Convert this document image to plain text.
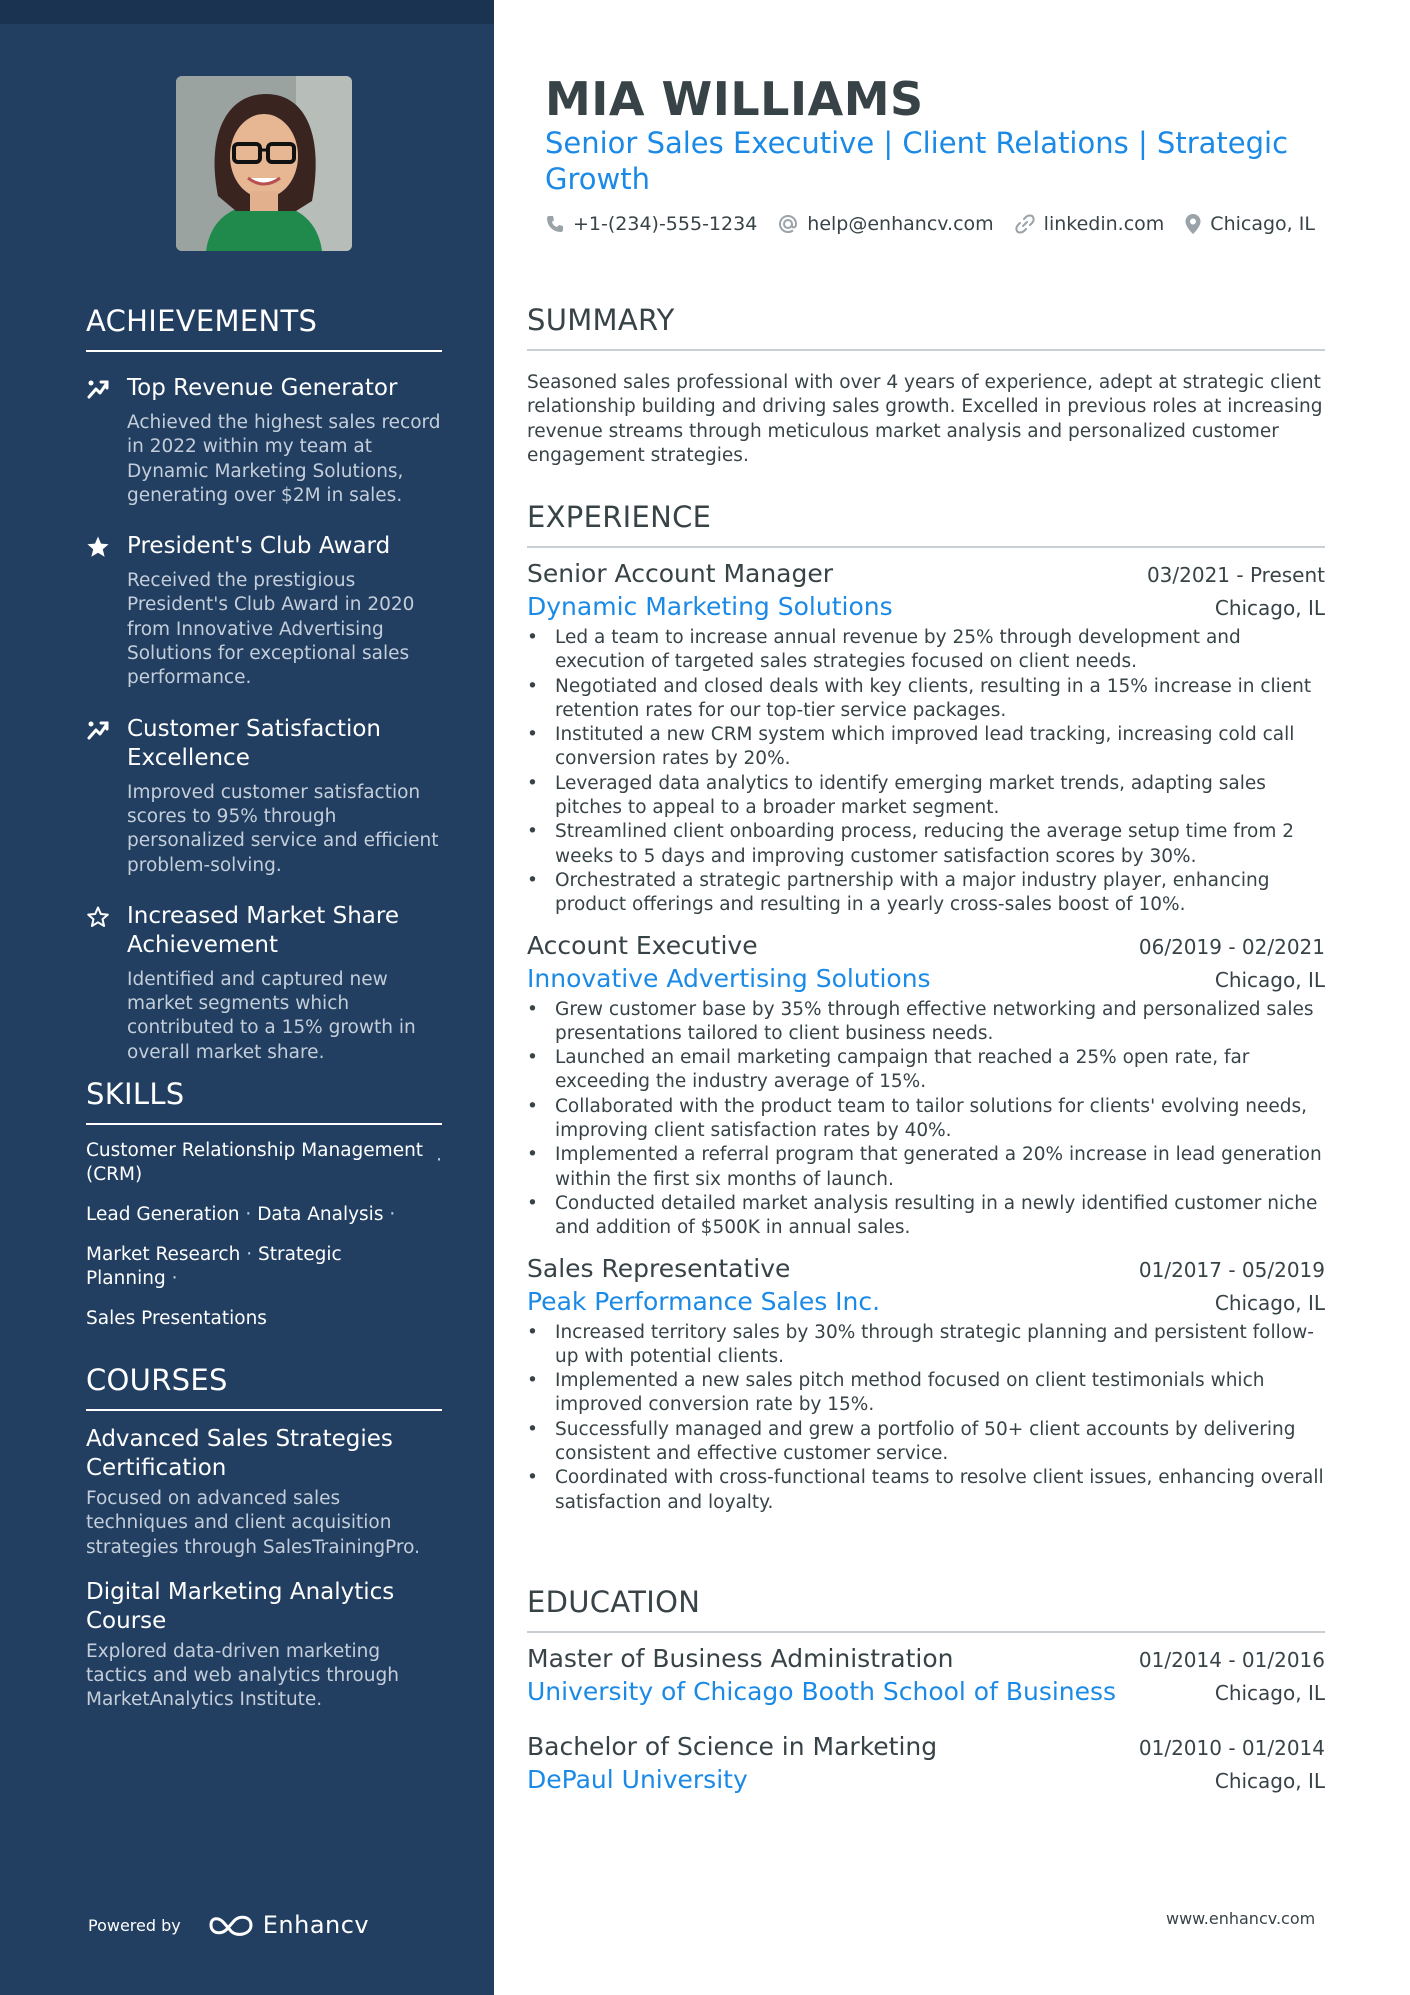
ACHIEVEMENTS
Top Revenue Generator
Achieved the highest sales record in 2022 within my team at Dynamic Marketing Solutions, generating over $2M in sales.
President's Club Award
Received the prestigious President's Club Award in 2020 from Innovative Advertising Solutions for exceptional sales performance.
Customer Satisfaction Excellence
Improved customer satisfaction scores to 95% through personalized service and efficient problem-solving.
Increased Market Share Achievement
Identified and captured new market segments which contributed to a 15% growth in overall market share.
SKILLS
Customer Relationship Management (CRM)
·
Lead Generation · Data Analysis ·
Market Research · Strategic Planning ·
Sales Presentations
COURSES
Advanced Sales Strategies Certification
Focused on advanced sales techniques and client acquisition strategies through SalesTrainingPro.
Digital Marketing Analytics Course
Explored data-driven marketing tactics and web analytics through MarketAnalytics Institute.
Powered by	Enhancv
MIA WILLIAMS
Senior Sales Executive | Client Relations | Strategic Growth
+1-(234)-555-1234	help@enhancv.com	linkedin.com Chicago, IL
SUMMARY
Seasoned sales professional with over 4 years of experience, adept at strategic client relationship building and driving sales growth. Excelled in previous roles at increasing revenue streams through meticulous market analysis and personalized customer engagement strategies.
EXPERIENCE
Senior Account Manager	03/2021 - Present
Dynamic Marketing Solutions	Chicago, IL
• Led a team to increase annual revenue by 25% through development and execution of targeted sales strategies focused on client needs.
• Negotiated and closed deals with key clients, resulting in a 15% increase in client retention rates for our top-tier service packages.
• Instituted a new CRM system which improved lead tracking, increasing cold call conversion rates by 20%.
• Leveraged data analytics to identify emerging market trends, adapting sales pitches to appeal to a broader market segment.
• Streamlined client onboarding process, reducing the average setup time from 2 weeks to 5 days and improving customer satisfaction scores by 30%.
• Orchestrated a strategic partnership with a major industry player, enhancing product offerings and resulting in a yearly cross-sales boost of 10%.
Account Executive	06/2019 - 02/2021
Innovative Advertising Solutions	Chicago, IL
• Grew customer base by 35% through effective networking and personalized sales presentations tailored to client business needs.
• Launched an email marketing campaign that reached a 25% open rate, far exceeding the industry average of 15%.
• Collaborated with the product team to tailor solutions for clients' evolving needs, improving client satisfaction rates by 40%.
• Implemented a referral program that generated a 20% increase in lead generation within the first six months of launch.
• Conducted detailed market analysis resulting in a newly identified customer niche and addition of $500K in annual sales.
Sales Representative	01/2017 - 05/2019
Peak Performance Sales Inc.	Chicago, IL
• Increased territory sales by 30% through strategic planning and persistent follow-up with potential clients.
• Implemented a new sales pitch method focused on client testimonials which improved conversion rate by 15%.
• Successfully managed and grew a portfolio of 50+ client accounts by delivering consistent and effective customer service.
• Coordinated with cross-functional teams to resolve client issues, enhancing overall satisfaction and loyalty.
EDUCATION
Master of Business Administration	01/2014 - 01/2016
University of Chicago Booth School of Business	Chicago, IL
Bachelor of Science in Marketing	01/2010 - 01/2014
DePaul University	Chicago, IL
www.enhancv.com
